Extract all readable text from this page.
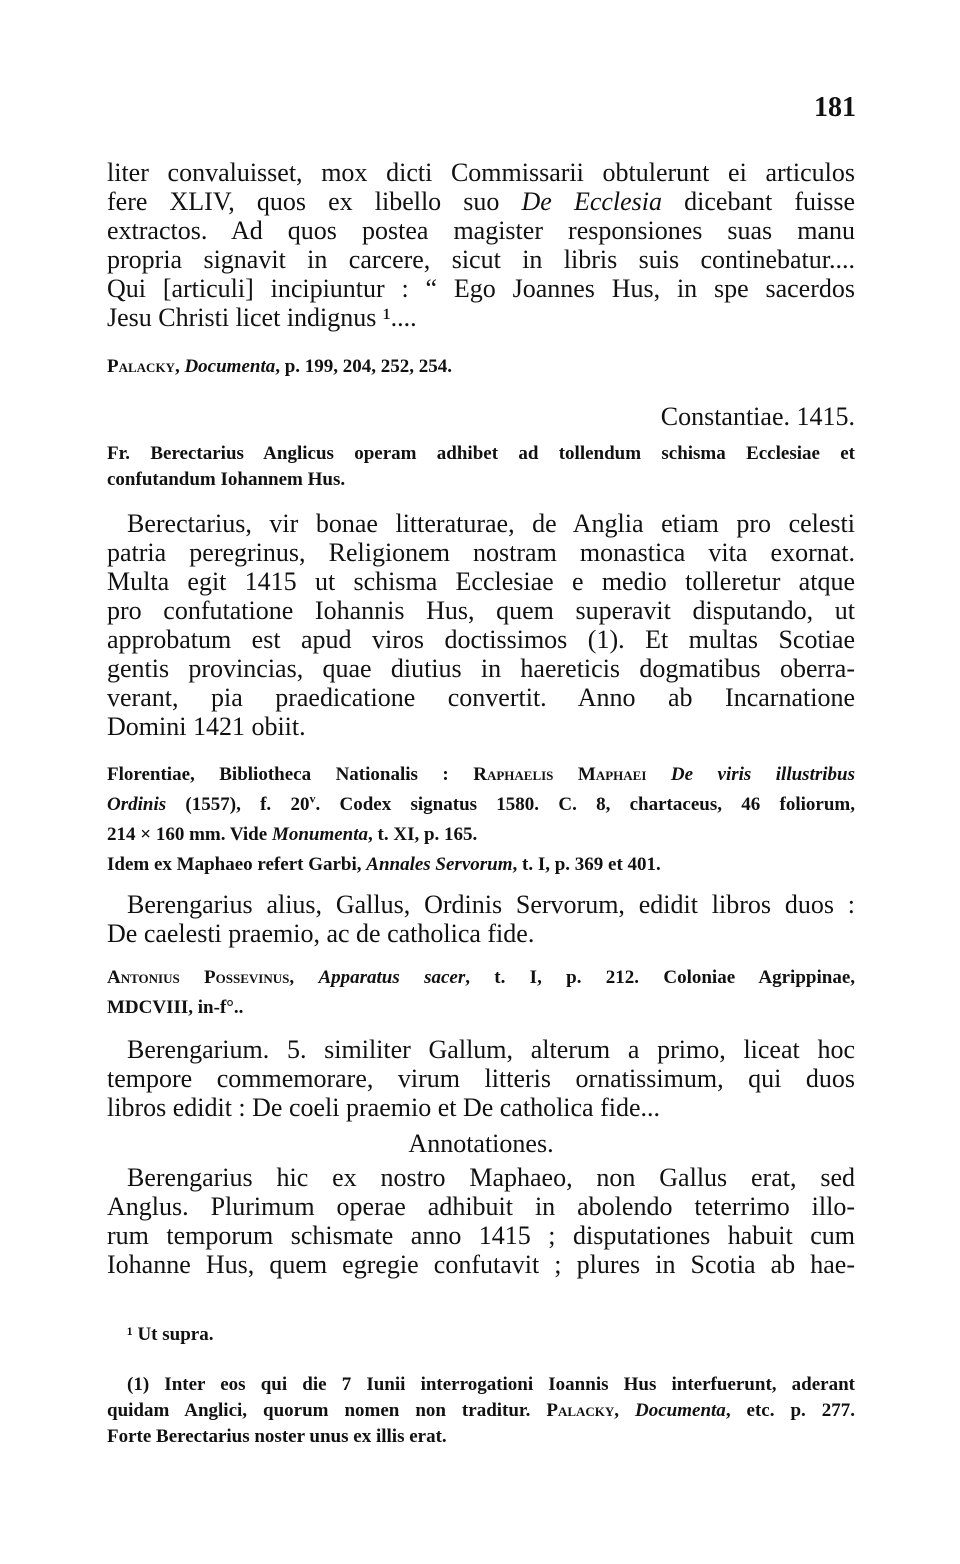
181
liter convaluisset, mox dicti Commissarii obtulerunt ei articulos
fere XLIV, quos ex libello suo De Ecclesia dicebant fuisse
extractos. Ad quos postea magister responsiones suas manu
propria signavit in carcere, sicut in libris suis continebatur....
Qui [articuli] incipiuntur : “ Ego Joannes Hus, in spe sacerdos
Jesu Christi licet indignus ¹....
Palacky, Documenta, p. 199, 204, 252, 254.
Constantiae. 1415.
Fr. Berectarius Anglicus operam adhibet ad tollendum schisma Ecclesiae et
confutandum Iohannem Hus.
Berectarius, vir bonae litteraturae, de Anglia etiam pro celesti
patria peregrinus, Religionem nostram monastica vita exornat.
Multa egit 1415 ut schisma Ecclesiae e medio tolleretur atque
pro confutatione Iohannis Hus, quem superavit disputando, ut
approbatum est apud viros doctissimos (1). Et multas Scotiae
gentis provincias, quae diutius in haereticis dogmatibus oberra-
verant, pia praedicatione convertit. Anno ab Incarnatione
Domini 1421 obiit.
Florentiae, Bibliotheca Nationalis : Raphaelis Maphaei De viris illustribus
Ordinis (1557), f. 20$^v$. Codex signatus 1580. C. 8, chartaceus, 46 foliorum,
214 × 160 mm. Vide Monumenta, t. XI, p. 165.
Idem ex Maphaeo refert Garbi, Annales Servorum, t. I, p. 369 et 401.
Berengarius alius, Gallus, Ordinis Servorum, edidit libros duos :
De caelesti praemio, ac de catholica fide.
Antonius Possevinus, Apparatus sacer, t. I, p. 212. Coloniae Agrippinae,
MDCVIII, in-f°..
Berengarium. 5. similiter Gallum, alterum a primo, liceat hoc
tempore commemorare, virum litteris ornatissimum, qui duos
libros edidit : De coeli praemio et De catholica fide...
Annotationes.
Berengarius hic ex nostro Maphaeo, non Gallus erat, sed
Anglus. Plurimum operae adhibuit in abolendo teterrimo illo-
rum temporum schismate anno 1415 ; disputationes habuit cum
Iohanne Hus, quem egregie confutavit ; plures in Scotia ab hae-
¹ Ut supra.
(1) Inter eos qui die 7 Iunii interrogationi Ioannis Hus interfuerunt, aderant
quidam Anglici, quorum nomen non traditur. Palacky, Documenta, etc. p. 277.
Forte Berectarius noster unus ex illis erat.
